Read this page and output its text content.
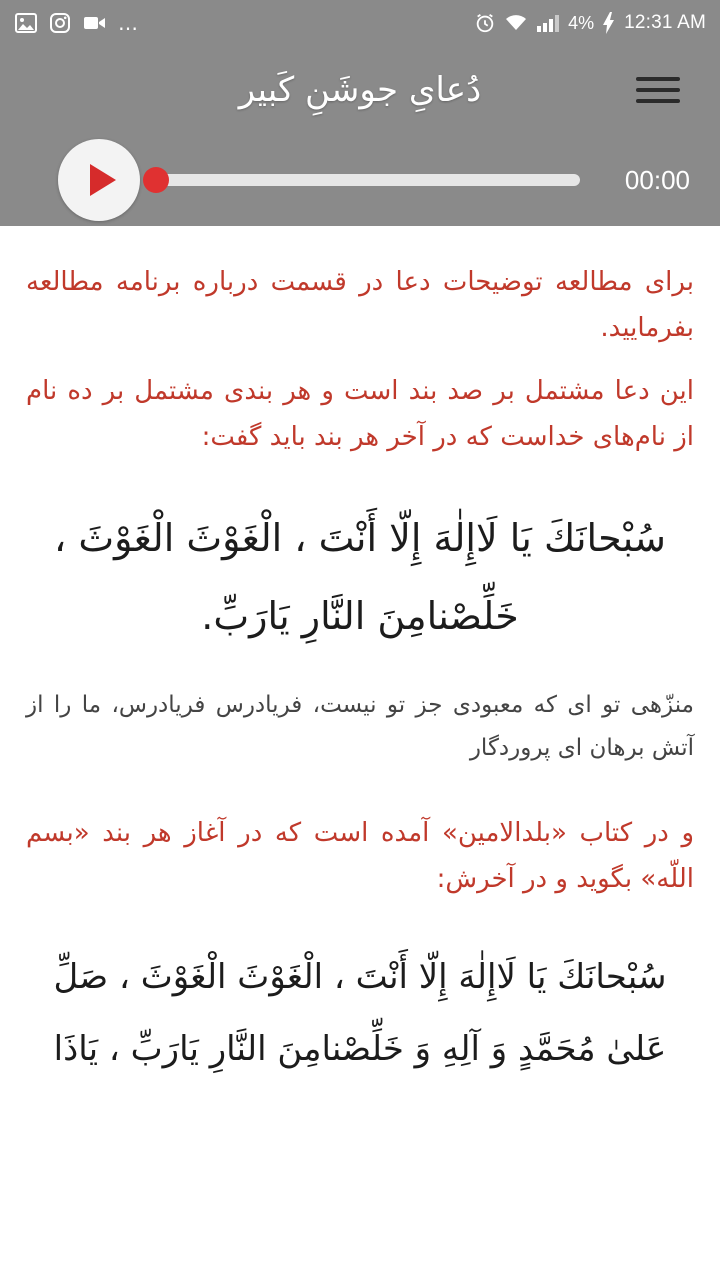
…	4% 12:31 AM
دُعایِ جوشَنِ کَبیر
00:00

برای مطالعه توضیحات دعا در قسمت درباره برنامه مطالعه بفرمایید.

این دعا مشتمل بر صد بند است و هر بندی مشتمل بر ده نام از نام‌های خداست که در آخر هر بند باید گفت:

سُبْحانَكَ يَا لَاإِلٰهَ إِلّا أَنْتَ ، الْغَوْثَ الْغَوْثَ ،
خَلِّصْنامِنَ النَّارِ يَارَبِّ.

منزّهی تو ای که معبودی جز تو نیست، فریادرس فریادرس، ما را از آتش برهان ای پروردگار

و در کتاب «بلدالامین» آمده است که در آغاز هر بند «بسم اللّه» بگوید و در آخرش:

سُبْحانَكَ يَا لَاإِلٰهَ إِلّا أَنْتَ ، الْغَوْثَ الْغَوْثَ ، صَلِّ
عَلیٰ مُحَمَّدٍ وَ آلِهِ وَ خَلِّصْنامِنَ النَّارِ يَارَبِّ ، يَاذَا
